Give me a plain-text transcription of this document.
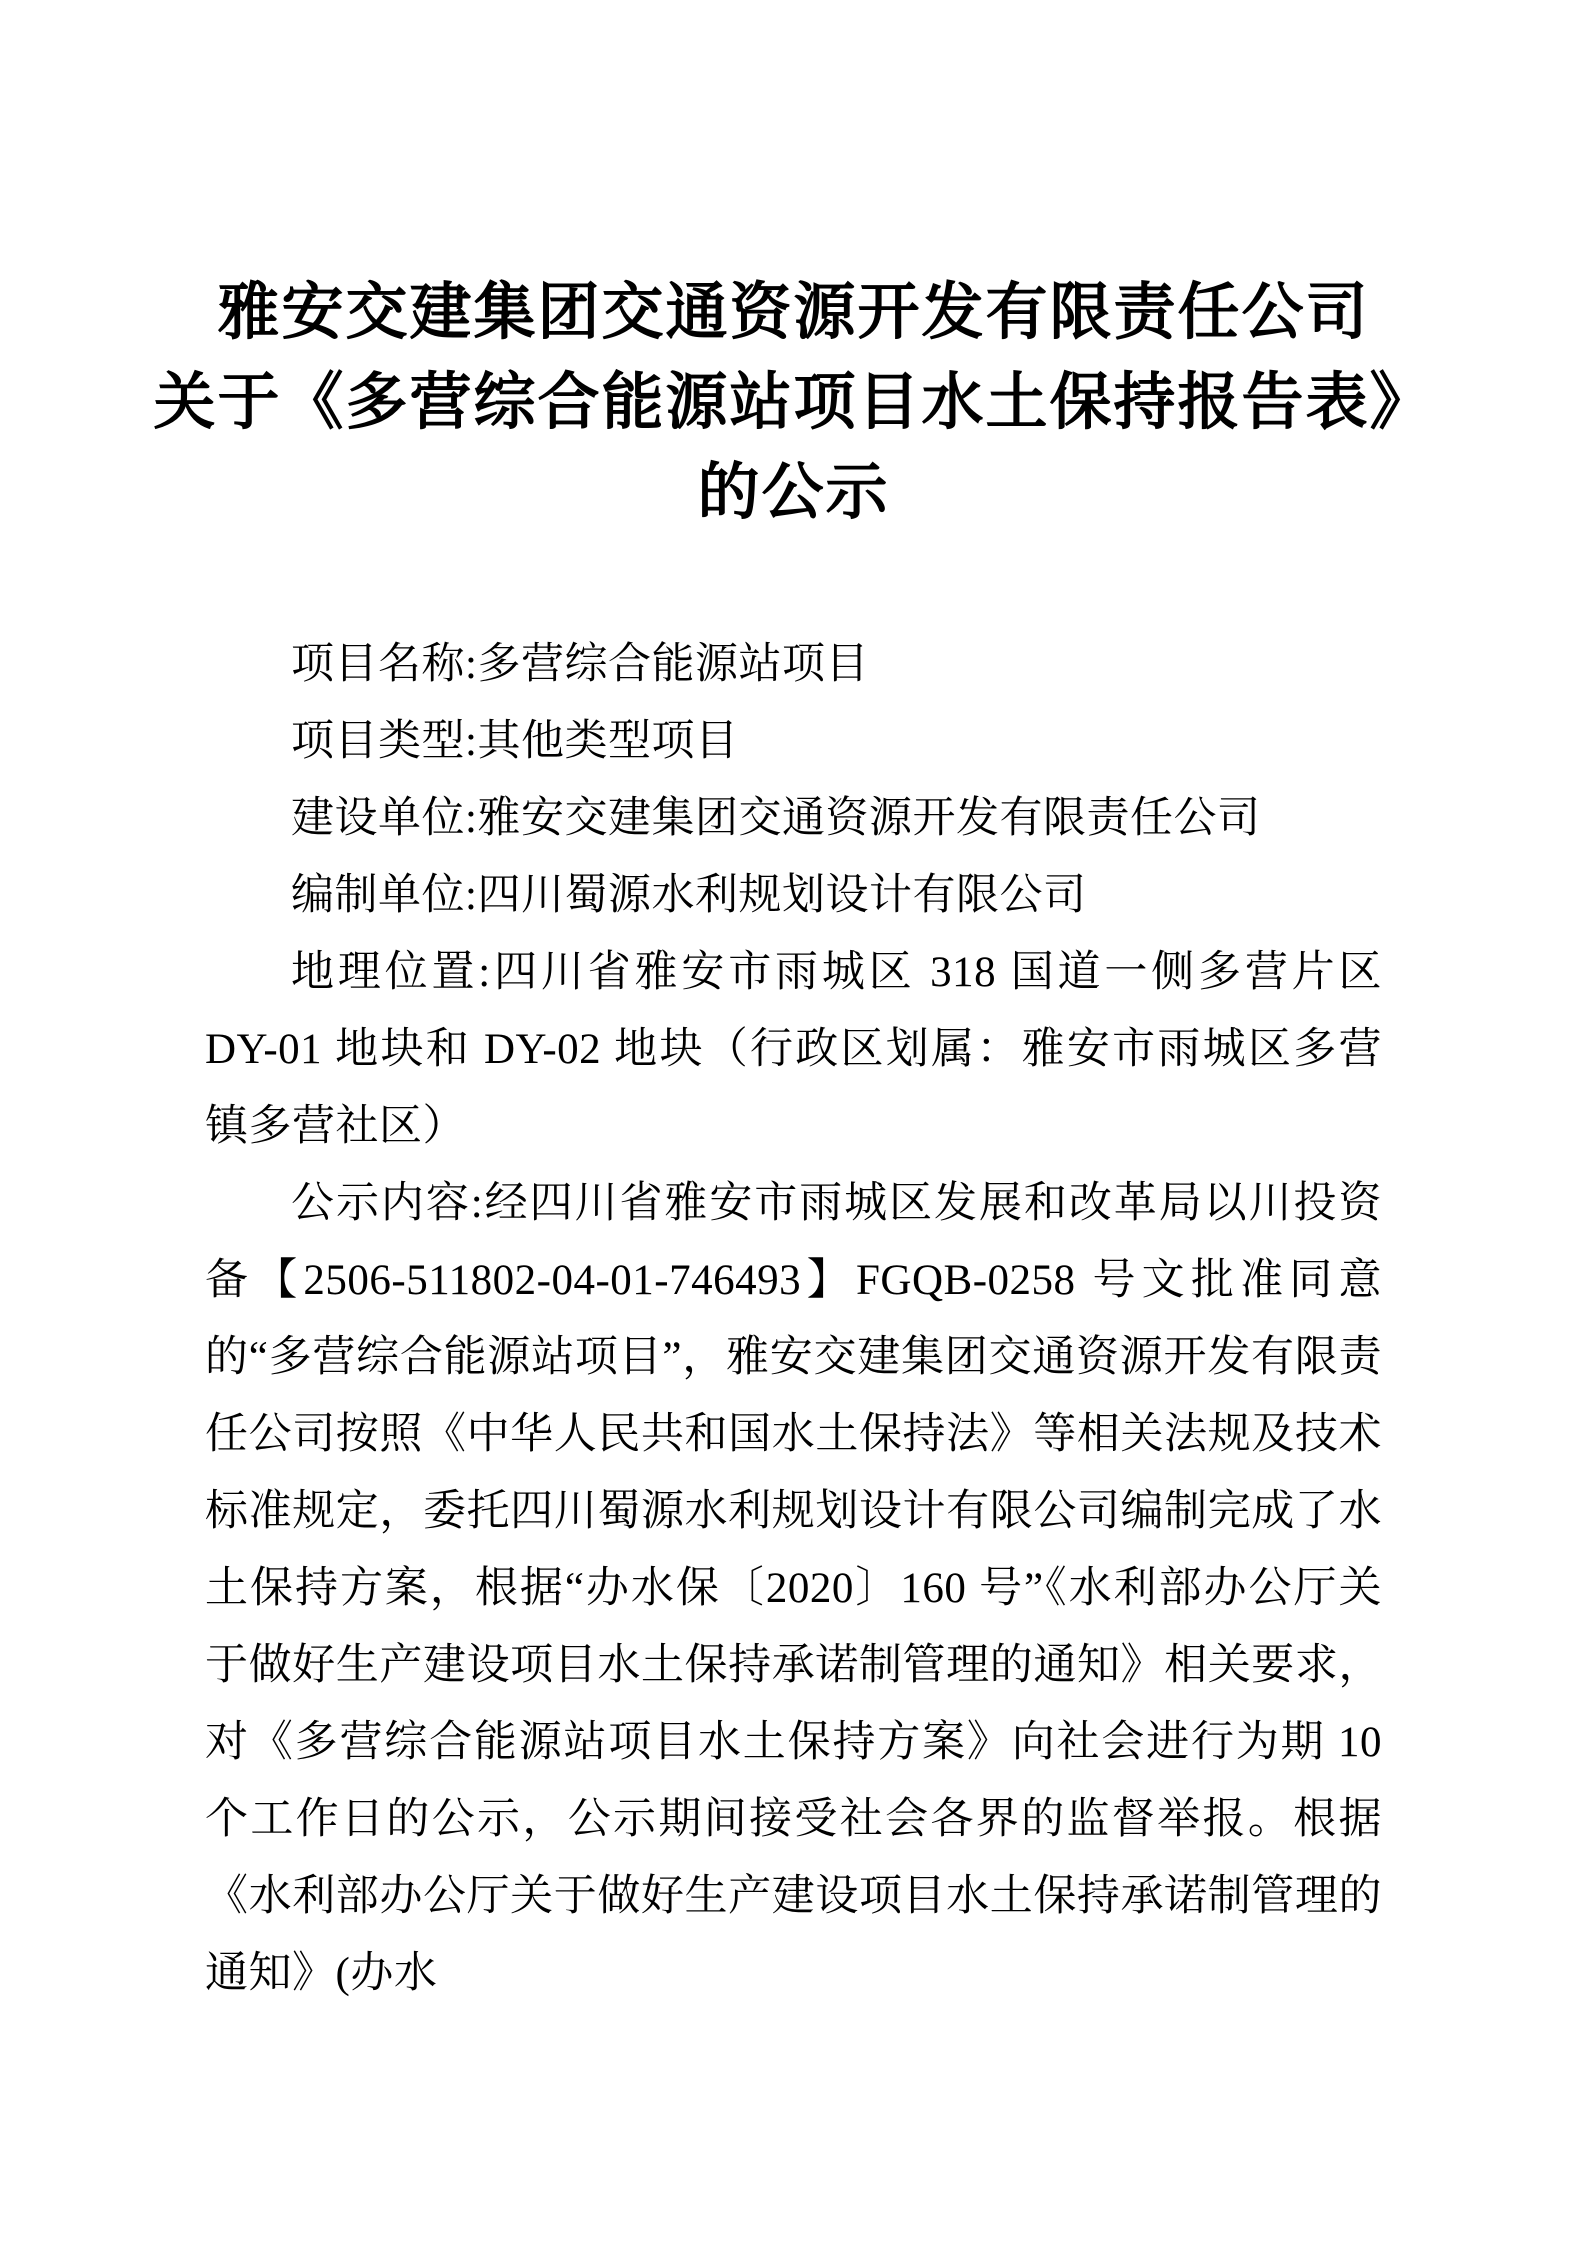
雅安交建集团交通资源开发有限责任公司
关于《多营综合能源站项目水土保持报告表》
的公示

项目名称:多营综合能源站项目

项目类型:其他类型项目

建设单位:雅安交建集团交通资源开发有限责任公司

编制单位:四川蜀源水利规划设计有限公司

地理位置:四川省雅安市雨城区 318 国道一侧多营片区 DY-01 地块和 DY-02 地块（行政区划属：雅安市雨城区多营镇多营社区）

公示内容:经四川省雅安市雨城区发展和改革局以川投资备【2506-511802-04-01-746493】FGQB-0258 号文批准同意的“多营综合能源站项目”，雅安交建集团交通资源开发有限责任公司按照《中华人民共和国水土保持法》等相关法规及技术标准规定，委托四川蜀源水利规划设计有限公司编制完成了水土保持方案，根据“办水保〔2020〕160 号”《水利部办公厅关于做好生产建设项目水土保持承诺制管理的通知》相关要求，对《多营综合能源站项目水土保持方案》向社会进行为期 10 个工作日的公示，公示期间接受社会各界的监督举报。根据《水利部办公厅关于做好生产建设项目水土保持承诺制管理的通知》(办水
